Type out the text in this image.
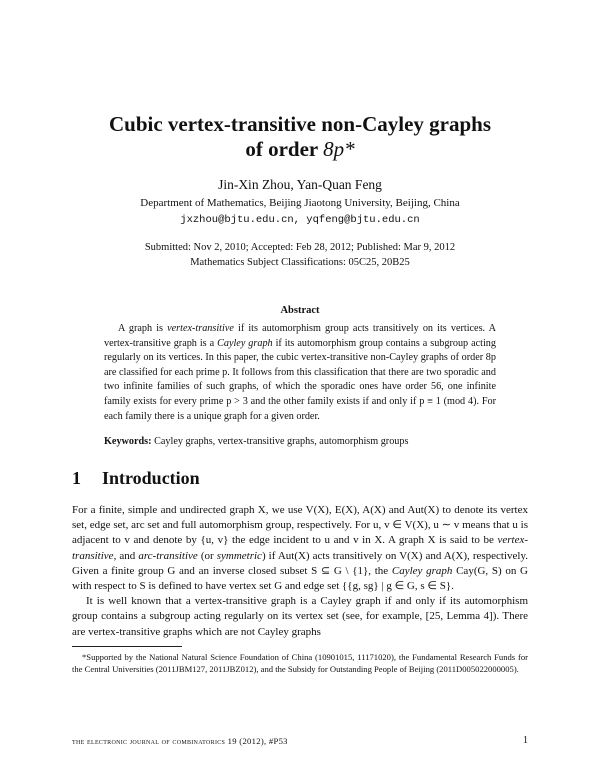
Cubic vertex-transitive non-Cayley graphs
of order 8p*
Jin-Xin Zhou, Yan-Quan Feng
Department of Mathematics, Beijing Jiaotong University, Beijing, China
jxzhou@bjtu.edu.cn, yqfeng@bjtu.edu.cn
Submitted: Nov 2, 2010; Accepted: Feb 28, 2012; Published: Mar 9, 2012
Mathematics Subject Classifications: 05C25, 20B25
Abstract
A graph is vertex-transitive if its automorphism group acts transitively on its vertices. A vertex-transitive graph is a Cayley graph if its automorphism group contains a subgroup acting regularly on its vertices. In this paper, the cubic vertex-transitive non-Cayley graphs of order 8p are classified for each prime p. It follows from this classification that there are two sporadic and two infinite families of such graphs, of which the sporadic ones have order 56, one infinite family exists for every prime p > 3 and the other family exists if and only if p ≡ 1 (mod 4). For each family there is a unique graph for a given order.
Keywords: Cayley graphs, vertex-transitive graphs, automorphism groups
1 Introduction

For a finite, simple and undirected graph X, we use V(X), E(X), A(X) and Aut(X) to denote its vertex set, edge set, arc set and full automorphism group, respectively. For u, v ∈ V(X), u ∼ v means that u is adjacent to v and denote by {u, v} the edge incident to u and v in X. A graph X is said to be vertex-transitive, and arc-transitive (or symmetric) if Aut(X) acts transitively on V(X) and A(X), respectively. Given a finite group G and an inverse closed subset S ⊆ G \ {1}, the Cayley graph Cay(G, S) on G with respect to S is defined to have vertex set G and edge set {{g, sg} | g ∈ G, s ∈ S}.

It is well known that a vertex-transitive graph is a Cayley graph if and only if its automorphism group contains a subgroup acting regularly on its vertex set (see, for example, [25, Lemma 4]). There are vertex-transitive graphs which are not Cayley graphs

*Supported by the National Natural Science Foundation of China (10901015, 11171020), the Fundamental Research Funds for the Central Universities (2011JBM127, 2011JBZ012), and the Subsidy for Outstanding People of Beijing (2011D005022000005).
the electronic journal of combinatorics 19 (2012), #P53	1
